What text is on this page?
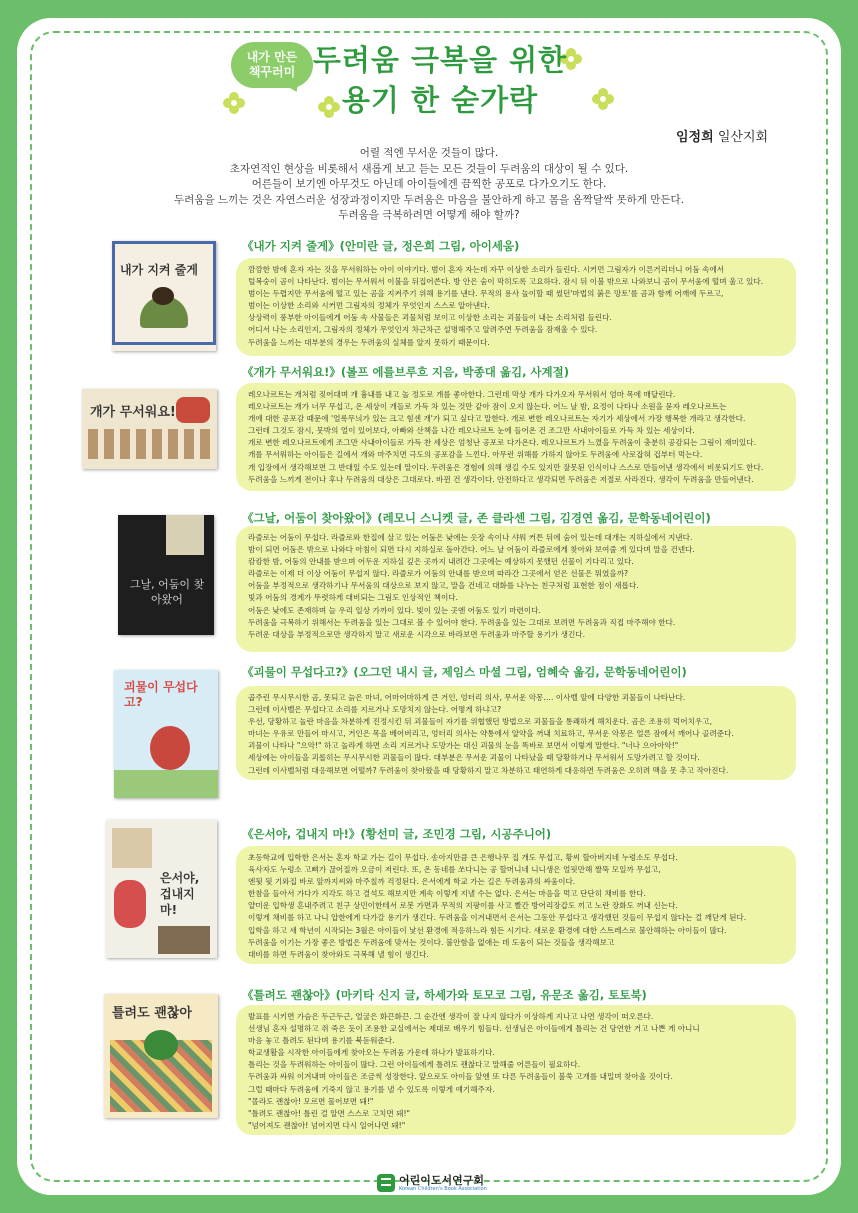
내가 만든
책꾸러미 두려움 극복을 위한
용기 한 숟가락
임정희 일산지회
어릴 적엔 무서운 것들이 많다.
초자연적인 현상을 비롯해서 새롭게 보고 듣는 모든 것들이 두려움의 대상이 될 수 있다.
어른들이 보기엔 아무것도 아닌데 아이들에겐 끔찍한 공포로 다가오기도 한다.
두려움을 느끼는 것은 자연스러운 성장과정이지만 두려움은 마음을 불안하게 하고 몸을 옴짝달싹 못하게 만든다.
두려움을 극복하려면 어떻게 해야 할까?
내가 지켜 줄게
《내가 지켜 줄게》(안미란 글, 정은희 그림, 아이세움)

깜깜한 밤에 혼자 자는 것을 무서워하는 아이 이야기다. 범이 혼자 자는데 자꾸 이상한 소리가 들린다. 시커먼 그림자가 이른거리더니 어둠 속에서

털복숭이 곰이 나타난다. 범이는 무서워서 이불을 뒤집어쓴다. 방 안은 숨이 막히도록 고요하다. 잠시 뒤 이불 밖으로 나와보니 곰이 무서움에 떨며 울고 있다.

범이는 두렵지만 무서움에 떨고 있는 곰을 지켜주기 위해 용기를 낸다. 무적의 용사 놀이할 때 썼던'마법의 붉은 망토'를 곰과 함께 어깨에 두르고,

범이는 이상한 소리와 시커먼 그림자의 정체가 무엇인지 스스로 알아낸다.

상상력이 풍부한 아이들에게 어둠 속 사물들은 괴물처럼 보이고 이상한 소리는 괴물들이 내는 소리처럼 들린다.

어디서 나는 소리인지, 그림자의 정체가 무엇인지 차근차근 설명해주고 알려주면 두려움을 잠재울 수 있다.

두려움을 느끼는 대부분의 경우는 두려움의 실체를 알지 못하기 때문이다.

개가 무서워요!
《개가 무서워요!》(볼프 에를브루흐 지음, 박종대 옮김, 사계절)

레오나르트는 개처럼 짖어대며 개 흉내를 내고 놀 정도로 개를 좋아한다. 그런데 막상 개가 다가오자 무서워서 엄마 목에 매달린다.

레오나르트는 개가 너무 무섭고, 온 세상이 개들로 가득 차 있는 것만 같아 잠이 오지 않는다. 어느 날 밤, 요정이 나타나 소원을 묻자 레오나르트는

개에 대한 공포감 때문에 '얼룩무늬가 있는 크고 힘센 개'가 되고 싶다고 말한다. 개로 변한 레오나르트는 자기가 세상에서 가장 행복한 개라고 생각한다.

그런데 그것도 잠시, 뭇박의 얼이 있어보다, 아빠와 산책을 나간 레오나르트 눈에 들어온 건 조그만 사내아이들로 가득 차 있는 세상이다.

개로 변한 레오나르트에게 조그만 사내아이들로 가득 찬 세상은 엄청난 공포로 다가온다. 레오나르트가 느꼈을 두려움이 충분히 공감되는 그림이 재미있다.

개를 무서워하는 아이들은 길에서 개와 마주치면 극도의 공포감을 느낀다. 아무런 위해를 가하지 않아도 두려움에 사로잡혀 겁부터 먹는다.

개 입장에서 생각해보면 그 반대일 수도 있는데 말이다. 두려움은 경험에 의해 생길 수도 있지만 잘못된 인식이나 스스로 만들어낸 생각에서 비롯되기도 한다.

두려움을 느끼게 전이나 후나 두려움의 대상은 그대로다. 바뀐 건 생각이다. 안전하다고 생각되면 두려움은 저절로 사라진다. 생각이 두려움을 만들어낸다.

그날, 어둠이 찾아왔어
《그날, 어둠이 찾아왔어》(레모니 스니켓 글, 존 클라센 그림, 김경연 옮김, 문학동네어린이)

라즐로는 어둠이 무섭다. 라즐로와 한집에 살고 있는 어둠은 낮에는 옷장 속이나 샤워 커튼 뒤에 숨어 있는데 대개는 지하실에서 지낸다.

밤이 되면 어둠은 밖으로 나와다 아침이 되면 다시 지하실로 돌아간다. 어느 날 어둠이 라즐로에게 찾아와 보여줄 게 있다며 말을 건넨다.

캄캄한 밤, 어둠의 안내를 받으며 어두운 지하실 깊은 곳까지 내려간 그곳에는 예상하지 못했던 선물이 기다리고 있다.

라즐로는 이제 더 이상 어둠이 무섭지 않다. 라즐로가 어둠의 안내를 받으며 따라간 그곳에서 얻은 선물은 뭐였을까?

어둠을 부정적으로 생각하기나 무서움의 대상으로 보지 않고, 말을 건네고 대화를 나누는 친구처럼 표현한 점이 새롭다.

빛과 어둠의 경계가 뚜렷하게 대비되는 그림도 인상적인 책이다.

어둠은 낮에도 존재하며 늘 우리 일상 가까이 있다. 빛이 있는 곳엔 어둠도 있기 마련이다.

두려움을 극복하기 위해서는 두려움을 있는 그대로 볼 수 있어야 한다. 두려움을 있는 그대로 보려면 두려움과 직접 마주해야 한다.

두려운 대상을 부정적으로만 생각하지 말고 새로운 시각으로 바라보면 두려움과 마주할 용기가 생긴다.

괴물이 무섭다고?
《괴물이 무섭다고?》(오그던 내시 글, 제임스 마셜 그림, 엄혜숙 옮김, 문학동네어린이)

곱주린 무시무시한 곰, 못되고 늙은 마녀, 어마어마하게 큰 거인, 엉터리 의사, 무서운 악몽…. 이사벨 앞에 다양한 괴물들이 나타난다.

그런데 이사벨은 무섭다고 소리를 지르거나 도망치지 않는다. 어떻게 하냐고?

우선, 당황하고 놀란 마음을 차분하게 진정시킨 뒤 괴물들이 자기를 위협했던 방법으로 괴물들을 통쾌하게 해치운다. 곰은 조용히 먹어치우고,

마녀는 우유로 만들어 마시고, 거인은 목을 베어버리고, 엉터리 의사는 약통에서 알약을 꺼내 치료하고, 무서운 악몽은 얼른 잠에서 깨어나 골려준다.

괴물이 나타나 "으악!" 하고 놀라게 하면 소리 지르거나 도망가는 대신 괴물의 눈을 똑바로 보면서 이렇게 말한다. "너나 으아아악!"

세상에는 아이들을 괴롭히는 무시무시한 괴물들이 많다. 대부분은 무서운 괴물이 나타났을 때 당황하거나 무서워서 도망가려고 할 것이다.

그런데 이사벨처럼 대응해보면 어떨까? 두려움이 찾아왔을 때 당황하지 말고 차분하고 태연하게 대응하면 두려움은 오히려 맥을 못 추고 작아진다.

은서야, 겁내지 마!
《은서야, 겁내지 마!》(황선미 글, 조민경 그림, 시공주니어)

초등학교에 입학한 은서는 혼자 학교 가는 길이 무섭다. 송아지만큼 큰 은행나무 집 개도 무섭고, 황씨 할아버지네 누렁소도 무섭다.

육사자도 누렁소 고삐가 끊어질까 오금이 저린다. 또, 온 동네를 쏘다니는 공 할머니네 니니생은 얼핏만해 짤뚝 모일까 무섭고,

엔뒷 뒷 기와집 바로 앞까지씨와 마주칠까 걱정된다. 은서에게 학교 가는 길은 두려움과의 싸움이다.

한참을 들아서 가다가 지각도 하고 결석도 해보지만 계속 이렇게 지낼 수는 없다. 은서는 마음을 먹고 단단히 채비를 한다.

얄미운 입학생 흔내주려고 친구 상민이한테서 로봇 가면과 무적의 지팡이를 사고 빨간 방어리장갑도 끼고 노란 장화도 꺼내 신는다.

이렇게 채비를 하고 나니 압한에게 다가갈 용기가 생긴다. 두려움을 이겨내면서 은서는 그동안 무섭다고 생각했던 것들이 무섭지 않다는 걸 깨닫게 된다.

입학을 하고 새 학년이 시작되는 3월은 아이들이 낯선 환경에 적응하느라 힘든 시기다. 새로운 환경에 대한 스트레스로 불안해하는 아이들이 많다.

두려움을 이기는 가장 좋은 방법은 두려움에 맞서는 것이다. 불안함을 없애는 데 도움이 되는 것들을 생각해보고

대비를 하면 두려움이 찾아와도 극복해 낼 힘이 생긴다.

틀려도 괜찮아
《틀려도 괜찮아》(마키타 신지 글, 하세가와 토모코 그림, 유문조 옮김, 토토북)

발표를 시키면 가슴은 두근두근, 얼굴은 화끈화끈. 그 순간엔 생각이 잘 나지 않다가 이상하게 지나고 나면 생각이 떠오른다.

선생님 혼자 설명하고 쥐 죽은 듯이 조용한 교실에서는 제대로 배우기 힘들다. 선생님은 아이들에게 틀리는 건 당연한 거고 나쁜 게 아니니

마음 놓고 틀려도 된다며 용기를 북돋워준다.

학교생활을 시작한 아이들에게 찾아오는 두려움 가운데 하나가 발표하기다.

틀리는 것을 두려워하는 아이들이 많다. 그런 아이들에게 틀려도 괜찮다고 말해줄 어른들이 필요하다.

두려움과 싸워 이겨내며 아이들은 조금씩 성장한다. 앞으로도 아이들 앞엔 또 다른 두려움들이 불쑥 고개를 내밀며 찾아올 것이다.

그럴 때마다 두려움에 기죽지 않고 용기를 낼 수 있도록 이렇게 얘기해주자.

"몰라도 괜찮아! 모르면 물어보면 돼!"

"틀려도 괜찮아! 틀린 걸 알면 스스로 고치면 돼!"

"넘어져도 괜찮아! 넘어지면 다시 일어나면 돼!"

어린이도서연구회
Korean Children's Book Association
